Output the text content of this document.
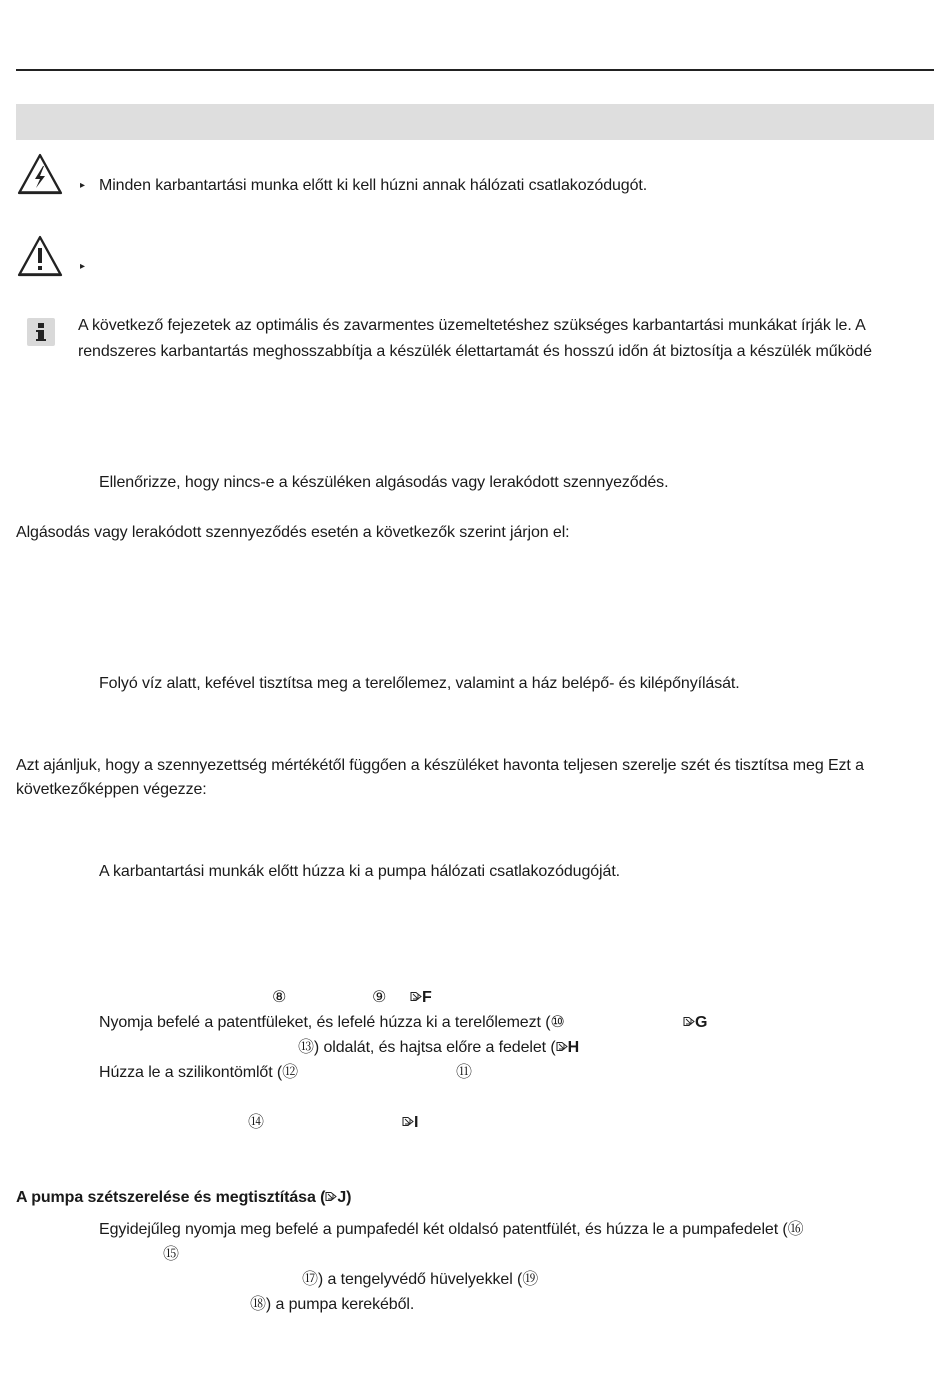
▸ Minden karbantartási munka előtt ki kell húzni annak hálózati csatlakozódugót.
▸
A következő fejezetek az optimális és zavarmentes üzemeltetéshez szükséges karbantartási munkákat írják le. A
rendszeres karbantartás meghosszabbítja a készülék élettartamát és hosszú időn át biztosítja a készülék működé
Ellenőrizze, hogy nincs-e a készüléken algásodás vagy lerakódott szennyeződés.
Algásodás vagy lerakódott szennyeződés esetén a következők szerint járjon el:
Folyó víz alatt, kefével tisztítsa meg a terelőlemez, valamint a ház belépő- és kilépőnyílását.
Azt ajánljuk, hogy a szennyezettség mértékétől függően a készüléket havonta teljesen szerelje szét és tisztítsa meg Ezt a
következőképpen végezze:
A karbantartási munkák előtt húzza ki a pumpa hálózati csatlakozódugóját.
⑧	⑨	F
Nyomja befelé a patentfüleket, és lefelé húzza ki a terelőlemezt (⑩	G
⑬) oldalát, és hajtsa előre a fedelet ( H
Húzza le a szilikontömlőt (⑫	⑪
⑭	I
A pumpa szétszerelése és megtisztítása ( J)
Egyidejűleg nyomja meg befelé a pumpafedél két oldalsó patentfülét, és húzza le a pumpafedelet (⑯
⑮
⑰) a tengelyvédő hüvelyekkel (⑲
⑱) a pumpa kerekéből.
